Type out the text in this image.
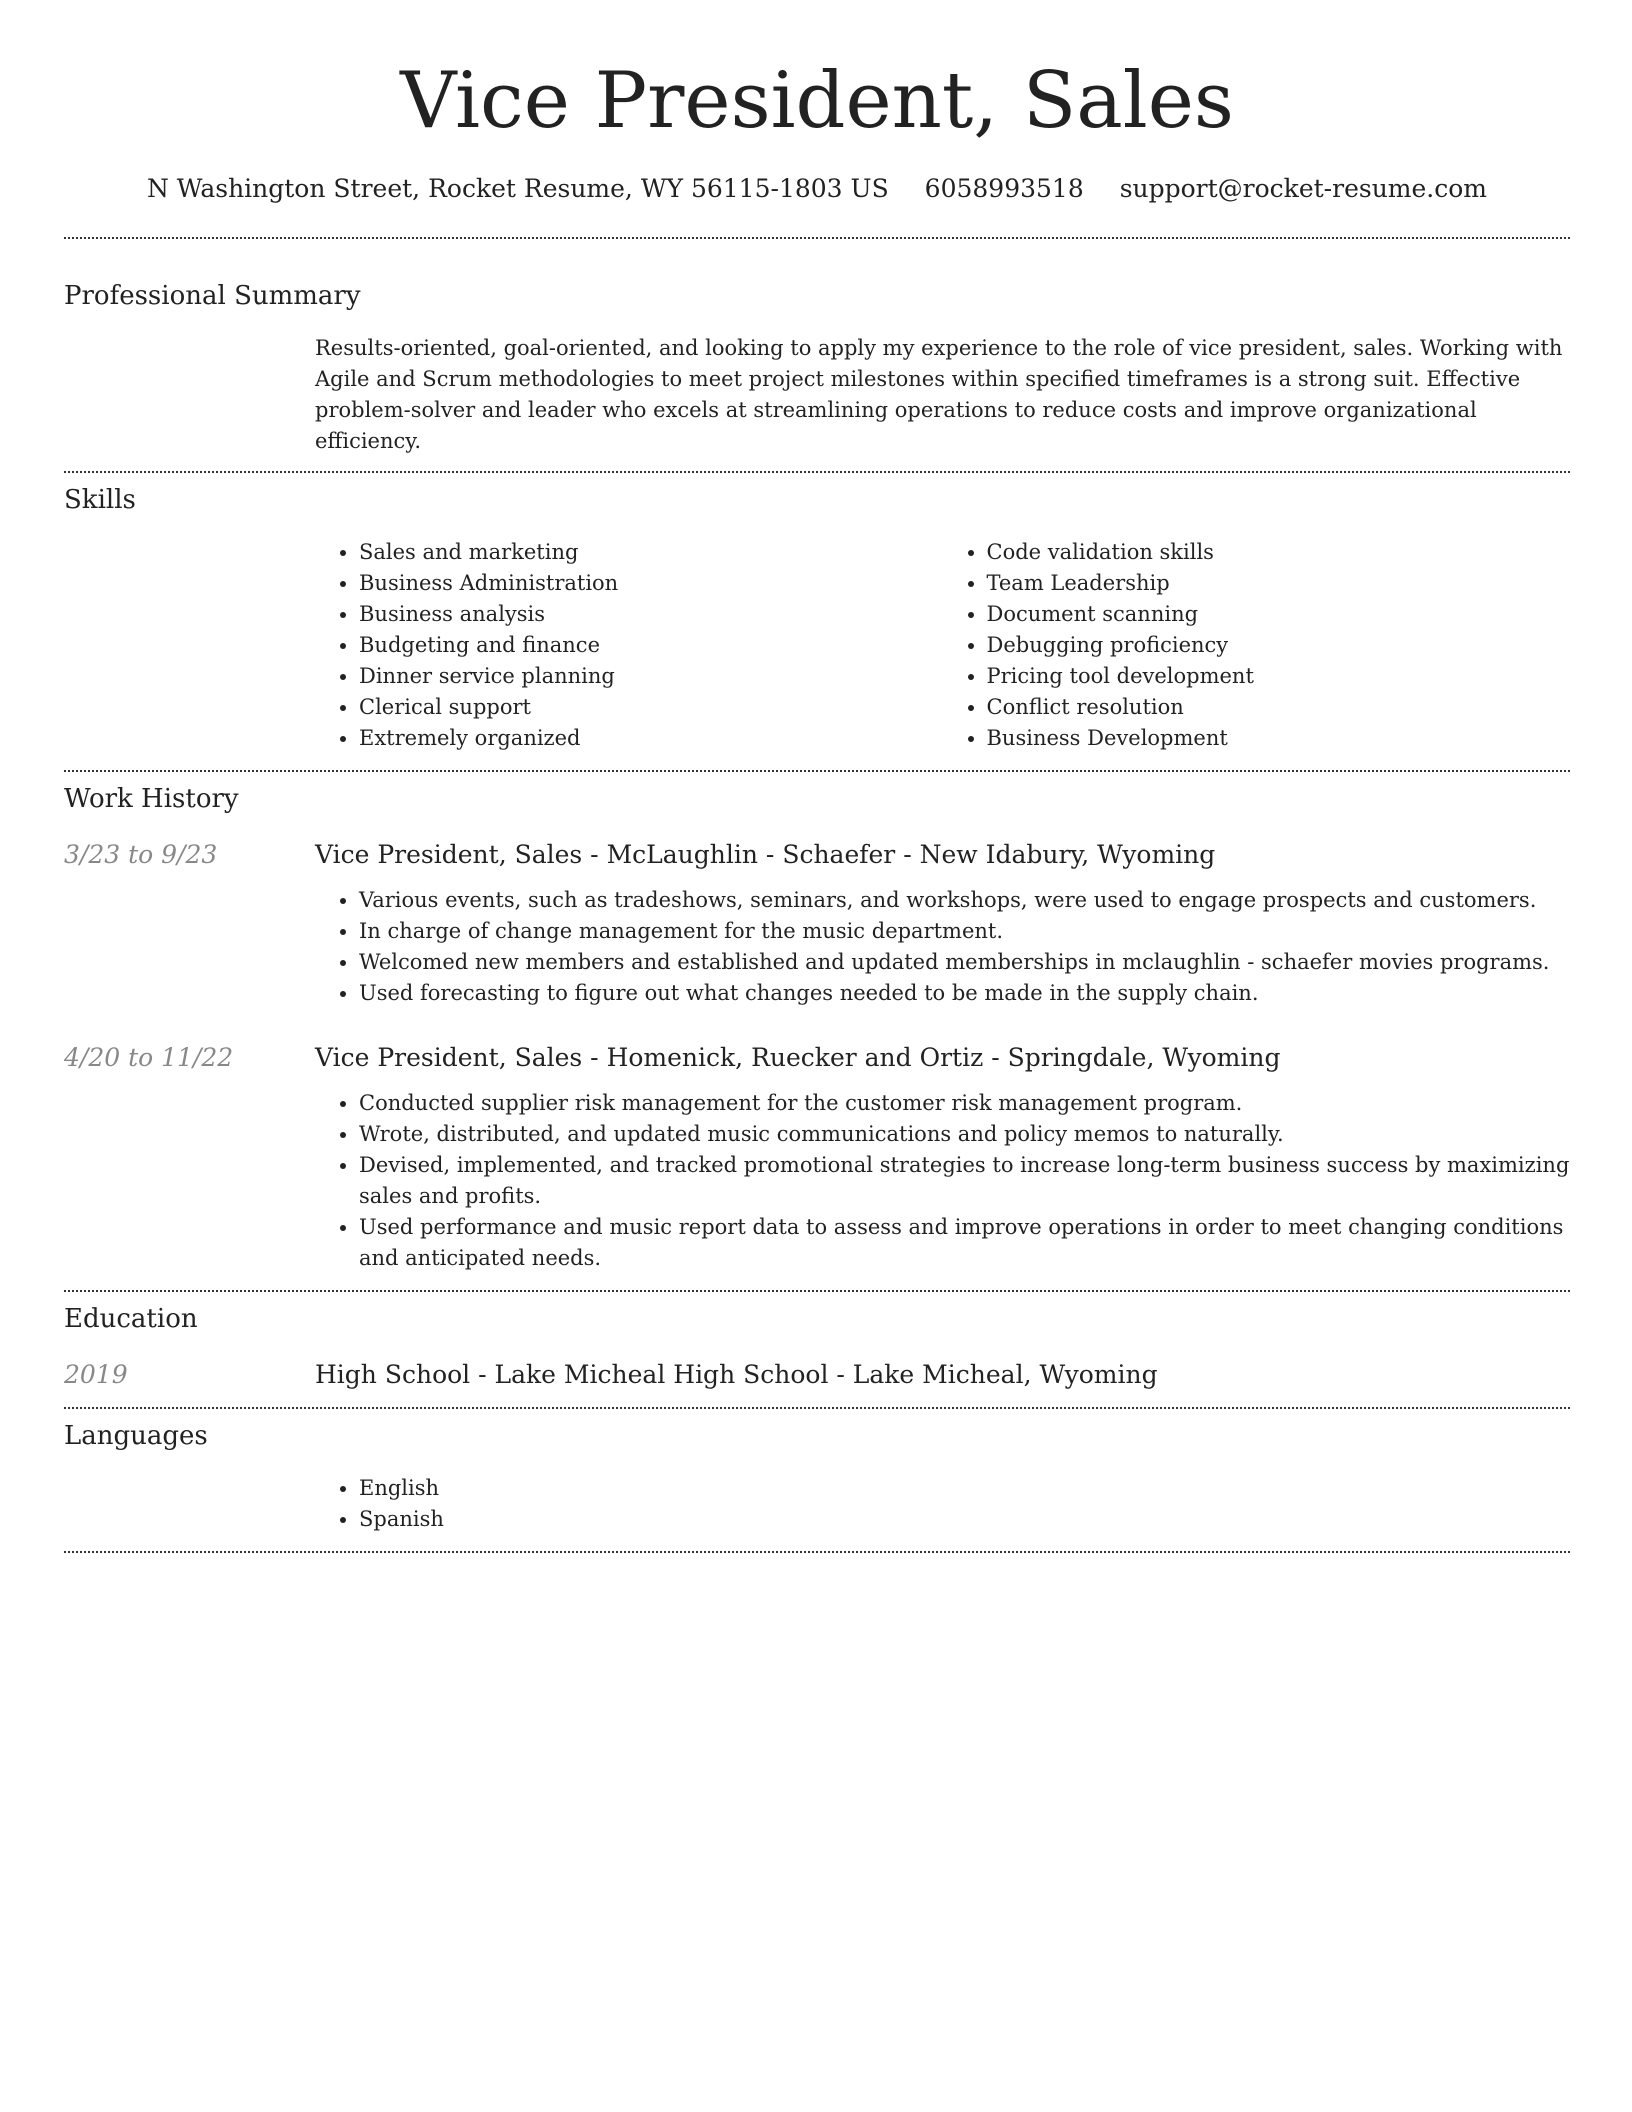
Vice President, Sales
N Washington Street, Rocket Resume, WY 56115-1803 US 6058993518 support@rocket-resume.com
Professional Summary
Results-oriented, goal-oriented, and looking to apply my experience to the role of vice president, sales. Working with Agile and Scrum methodologies to meet project milestones within specified timeframes is a strong suit. Effective problem-solver and leader who excels at streamlining operations to reduce costs and improve organizational efficiency.
Skills
• Sales and marketing
• Business Administration
• Business analysis
• Budgeting and finance
• Dinner service planning
• Clerical support
• Extremely organized
• Code validation skills
• Team Leadership
• Document scanning
• Debugging proficiency
• Pricing tool development
• Conflict resolution
• Business Development
Work History
3/23 to 9/23	Vice President, Sales - McLaughlin - Schaefer - New Idabury, Wyoming
• Various events, such as tradeshows, seminars, and workshops, were used to engage prospects and customers.
• In charge of change management for the music department.
• Welcomed new members and established and updated memberships in mclaughlin - schaefer movies programs.
• Used forecasting to figure out what changes needed to be made in the supply chain.
4/20 to 11/22	Vice President, Sales - Homenick, Ruecker and Ortiz - Springdale, Wyoming
• Conducted supplier risk management for the customer risk management program.
• Wrote, distributed, and updated music communications and policy memos to naturally.
• Devised, implemented, and tracked promotional strategies to increase long-term business success by maximizing sales and profits.
• Used performance and music report data to assess and improve operations in order to meet changing conditions and anticipated needs.
Education
2019	High School - Lake Micheal High School - Lake Micheal, Wyoming
Languages
• English
• Spanish
